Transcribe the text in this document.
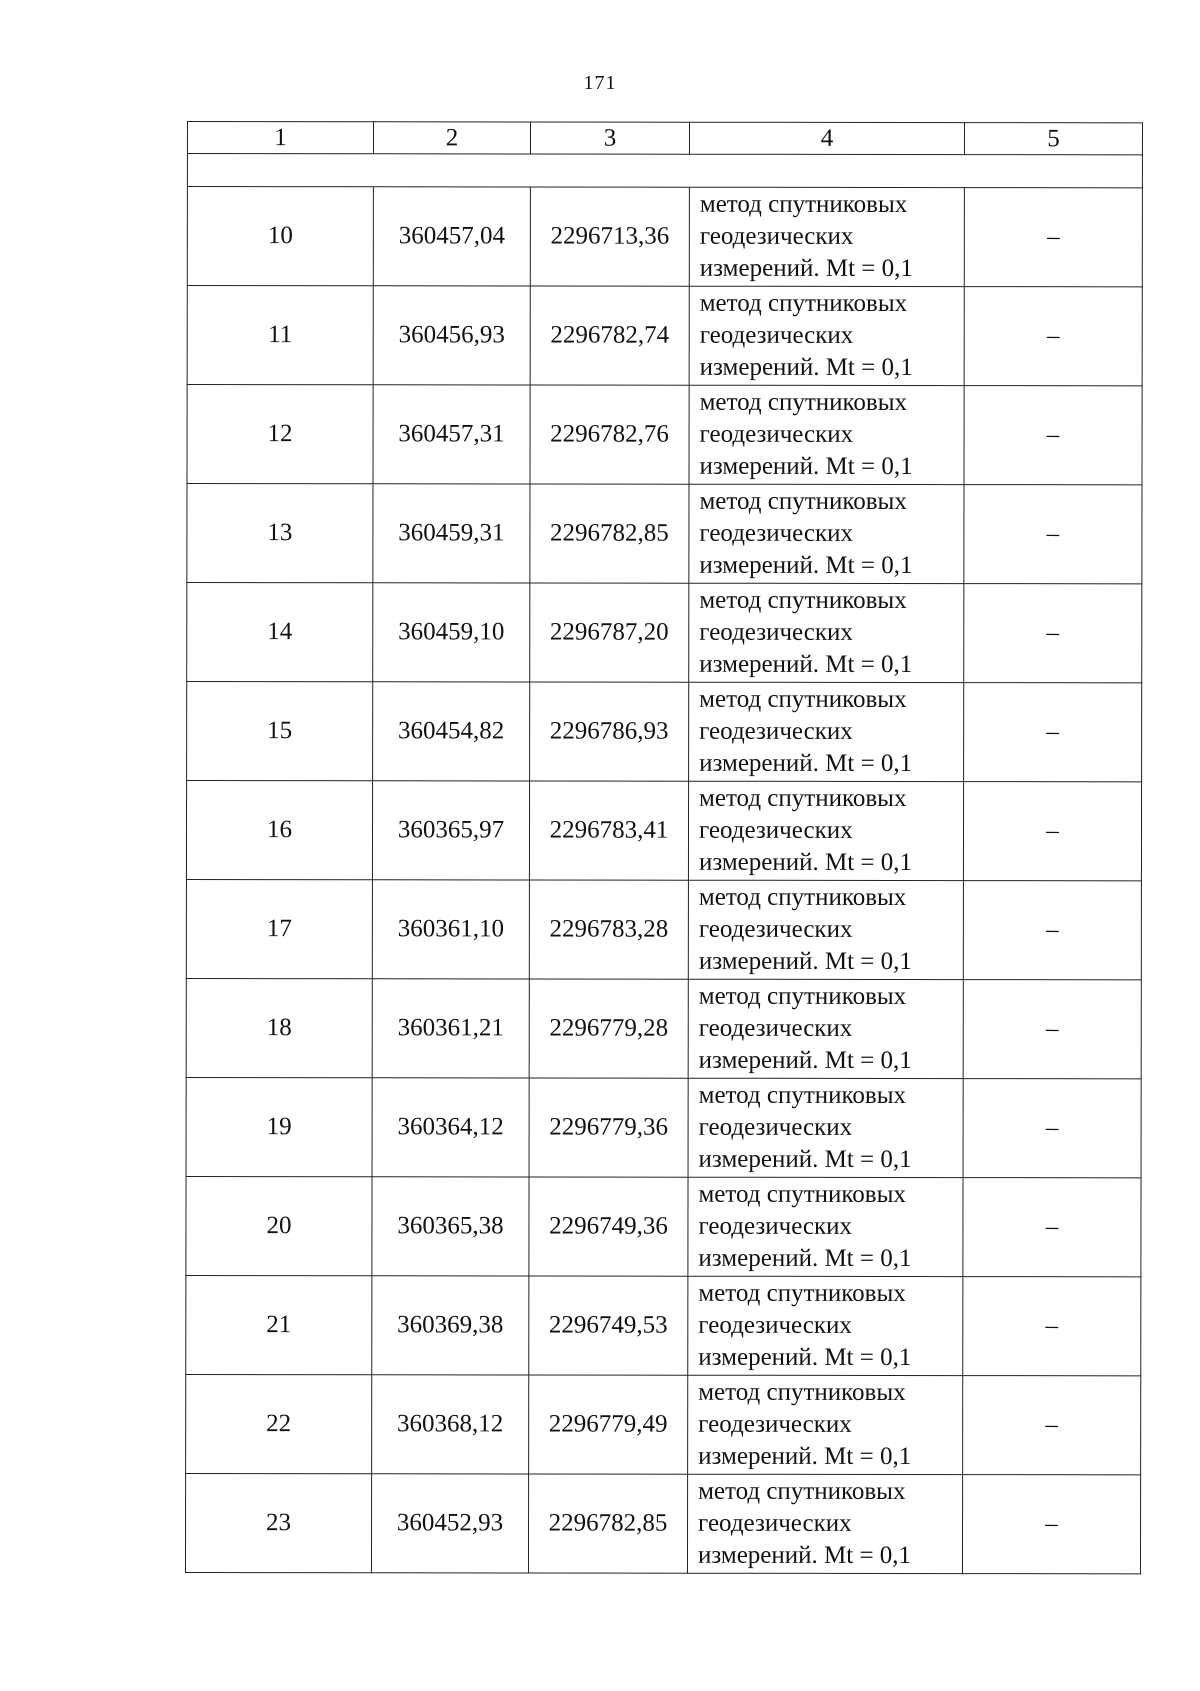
171
1	2	3	4	5

10	360457,04	2296713,36	метод спутниковых
геодезических
измерений. Mt = 0,1	–
11	360456,93	2296782,74	метод спутниковых
геодезических
измерений. Mt = 0,1	–
12	360457,31	2296782,76	метод спутниковых
геодезических
измерений. Mt = 0,1	–
13	360459,31	2296782,85	метод спутниковых
геодезических
измерений. Mt = 0,1	–
14	360459,10	2296787,20	метод спутниковых
геодезических
измерений. Mt = 0,1	–
15	360454,82	2296786,93	метод спутниковых
геодезических
измерений. Mt = 0,1	–
16	360365,97	2296783,41	метод спутниковых
геодезических
измерений. Mt = 0,1	–
17	360361,10	2296783,28	метод спутниковых
геодезических
измерений. Mt = 0,1	–
18	360361,21	2296779,28	метод спутниковых
геодезических
измерений. Mt = 0,1	–
19	360364,12	2296779,36	метод спутниковых
геодезических
измерений. Mt = 0,1	–
20	360365,38	2296749,36	метод спутниковых
геодезических
измерений. Mt = 0,1	–
21	360369,38	2296749,53	метод спутниковых
геодезических
измерений. Mt = 0,1	–
22	360368,12	2296779,49	метод спутниковых
геодезических
измерений. Mt = 0,1	–
23	360452,93	2296782,85	метод спутниковых
геодезических
измерений. Mt = 0,1	–
